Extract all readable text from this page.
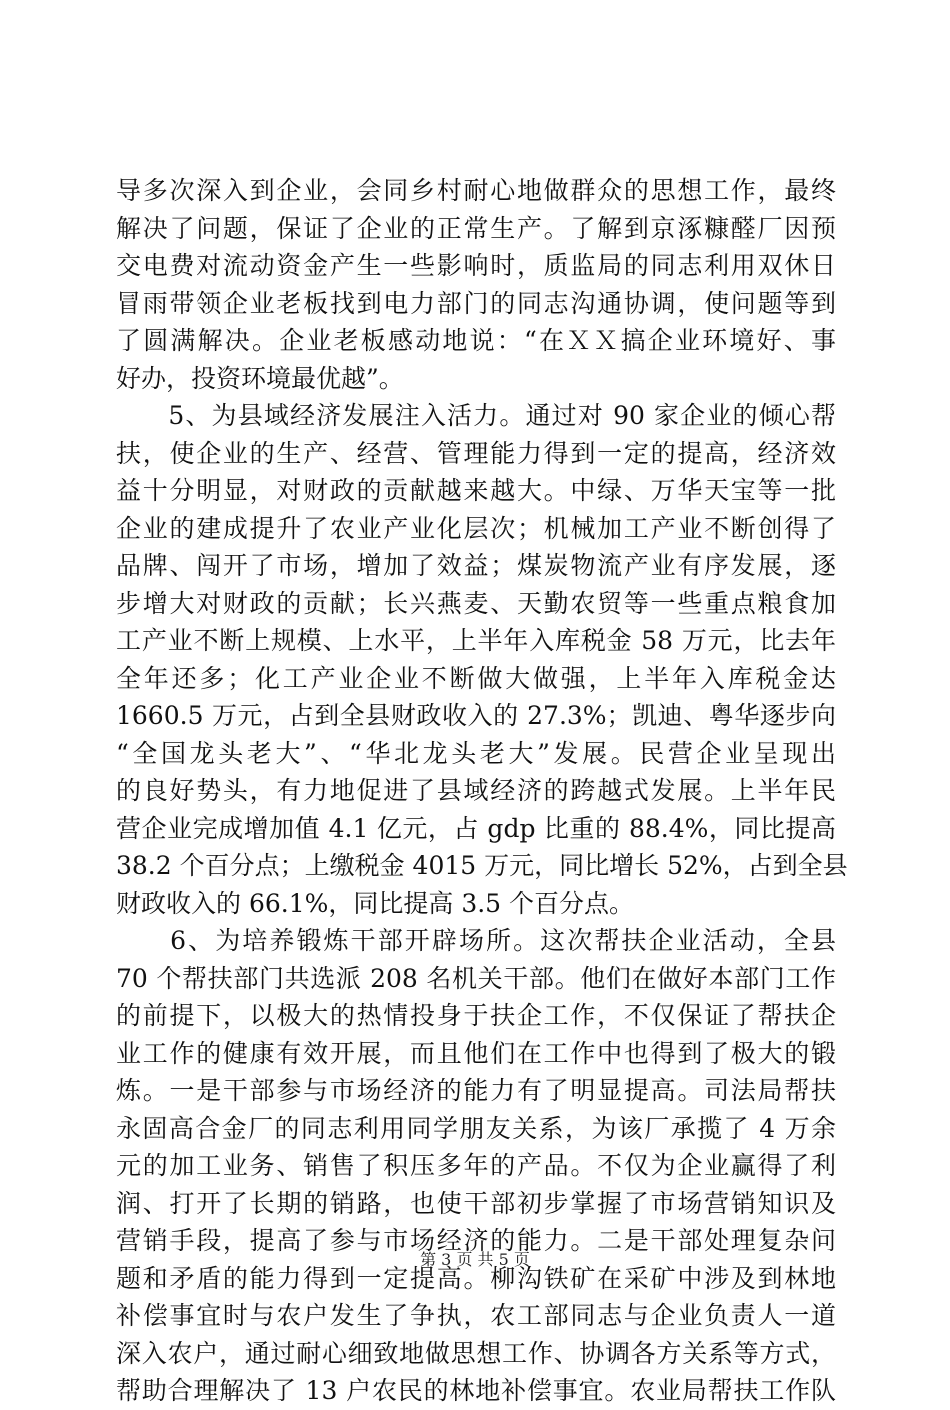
导多次深入到企业，会同乡村耐心地做群众的思想工作，最终
解决了问题，保证了企业的正常生产。了解到京涿糠醛厂因预
交电费对流动资金产生一些影响时，质监局的同志利用双休日
冒雨带领企业老板找到电力部门的同志沟通协调，使问题等到
了圆满解决。企业老板感动地说：“在ＸＸ搞企业环境好、事
好办，投资环境最优越”。
　　5、为县域经济发展注入活力。通过对 90 家企业的倾心帮
扶，使企业的生产、经营、管理能力得到一定的提高，经济效
益十分明显，对财政的贡献越来越大。中绿、万华天宝等一批
企业的建成提升了农业产业化层次；机械加工产业不断创得了
品牌、闯开了市场，增加了效益；煤炭物流产业有序发展，逐
步增大对财政的贡献；长兴燕麦、天勤农贸等一些重点粮食加
工产业不断上规模、上水平，上半年入库税金 58 万元，比去年
全年还多；化工产业企业不断做大做强，上半年入库税金达
1660.5 万元，占到全县财政收入的 27.3%；凯迪、粤华逐步向
“全国龙头老大”、“华北龙头老大”发展。民营企业呈现出
的良好势头，有力地促进了县域经济的跨越式发展。上半年民
营企业完成增加值 4.1 亿元，占 gdp 比重的 88.4%，同比提高
38.2 个百分点；上缴税金 4015 万元，同比增长 52%，占到全县
财政收入的 66.1%，同比提高 3.5 个百分点。
　　6、为培养锻炼干部开辟场所。这次帮扶企业活动，全县
70 个帮扶部门共选派 208 名机关干部。他们在做好本部门工作
的前提下，以极大的热情投身于扶企工作，不仅保证了帮扶企
业工作的健康有效开展，而且他们在工作中也得到了极大的锻
炼。一是干部参与市场经济的能力有了明显提高。司法局帮扶
永固高合金厂的同志利用同学朋友关系，为该厂承揽了 4 万余
元的加工业务、销售了积压多年的产品。不仅为企业赢得了利
润、打开了长期的销路，也使干部初步掌握了市场营销知识及
营销手段，提高了参与市场经济的能力。二是干部处理复杂问
题和矛盾的能力得到一定提高。柳沟铁矿在采矿中涉及到林地
补偿事宜时与农户发生了争执，农工部同志与企业负责人一道
深入农户，通过耐心细致地做思想工作、协调各方关系等方式，
帮助合理解决了 13 户农民的林地补偿事宜。农业局帮扶工作队
第 3 页 共 5 页
